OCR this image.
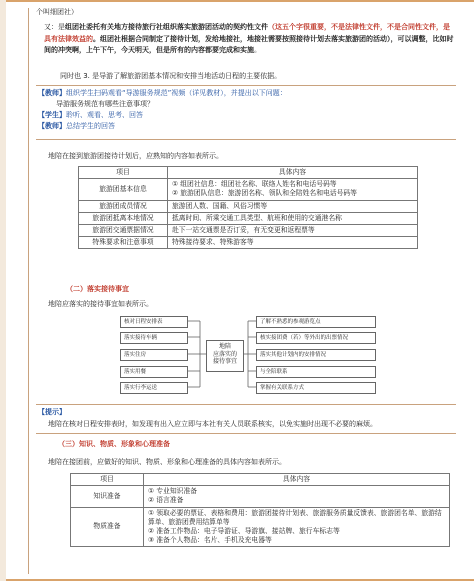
个叫细团社）

又：是组团社委托有关地方接待旅行社组织落实旅游团活动的契约性文件（这五个字很重要，不是法律性文件，不是合同性文件，是具有法律效益的。组团社根据合同制定了接待计划，发给地接社，地接社需要按照接待计划去落实旅游团的活动），可以调整，比如时间的冲突啊，上午下午，今天明天，但是所有的内容都要完成和实施。

同时也 3. 是导游了解旅游团基本情况和安排当地活动日程的主要依据。

【教师】组织学生扫码观看“导游服务规范”视频（详见教材），并提出以下问题：
导游服务规范有哪些注意事项？
【学生】聆听、观看、思考、回答
【教师】总结学生的回答

地陪在接到旅游团接待计划后，应熟知的内容如表所示。

项目	具体内容
旅游团基本信息	① 组团社信息：组团社名称、联络人姓名和电话号码等
② 旅游团队信息：旅游团名称、领队和全陪姓名和电话号码等

旅游团成员情况	旅游团人数、国籍、风俗习惯等
旅游团抵离本地情况	抵离时间、所乘交通工具类型、航班和使用的交通港名称
旅游团交通票据情况	赴下一站交通票是否订妥，有无变更和返程票等
特殊要求和注意事项	特殊接待要求、特殊游客等

（二）落实接待事宜

地陪应落实的接待事宜如表所示。

核对日程安排表
落实接待车辆
落实住房
落实用餐
落实行李运送
地陪
应落实的
接待事宜
了解不熟悉的参观游览点
核实接团费（若）等外出的出票情况
落实其他计划内的安排情况
与全陪联系
掌握有关联系方式

【提示】

地陪在核对日程安排表时，如发现有出入应立即与本社有关人员联系核实，以免实施时出现不必要的麻烦。

（三）知识、物质、形象和心理准备

地陪在接团前，应做好的知识、物质、形象和心理准备的具体内容如表所示。

项目	具体内容
知识准备	① 专业知识准备
② 语言准备

物质准备	① 领取必要的票证、表格和费用：旅游团接待计划表、旅游服务质量反馈表、旅游团名单、旅游结算单、旅游团费用结算单等
② 准备工作物品：电子导游证、导游旗、接站牌、旅行车标志等
③ 准备个人物品：名片、手机及充电器等
